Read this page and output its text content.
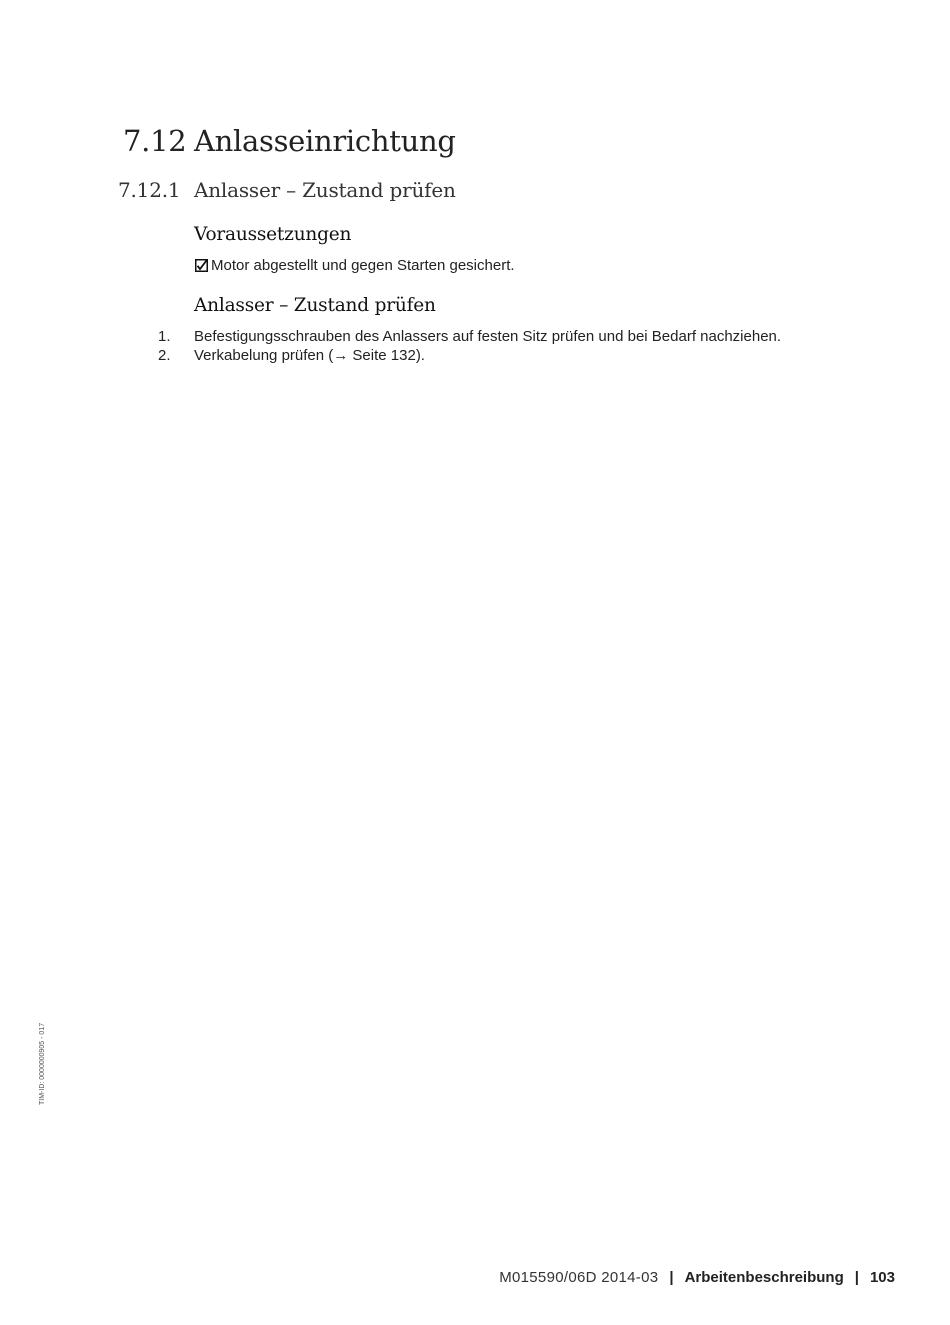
7.12 Anlasseinrichtung
7.12.1 Anlasser – Zustand prüfen
Voraussetzungen
Motor abgestellt und gegen Starten gesichert.
Anlasser – Zustand prüfen
1.	Befestigungsschrauben des Anlassers auf festen Sitz prüfen und bei Bedarf nachziehen.
2.	Verkabelung prüfen (→ Seite 132).
TIM-ID: 0000000905 - 017
M015590/06D 2014-03 | Arbeitenbeschreibung | 103
